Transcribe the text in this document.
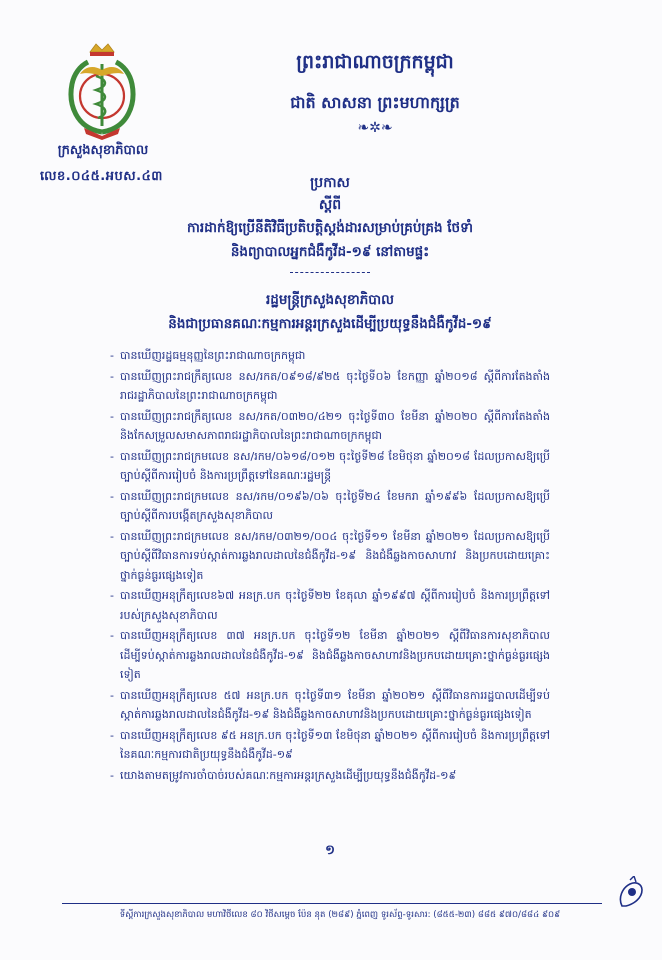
ក្រសួងសុខាភិបាល
លេខ.០៤៥.អបស.៤៣
ព្រះរាជាណាចក្រកម្ពុជា
ជាតិ សាសនា ព្រះមហាក្សត្រ
❧✲❧
ប្រកាស
ស្តីពី
ការដាក់ឱ្យប្រើនីតិវិធីប្រតិបត្តិស្តង់ដារសម្រាប់គ្រប់គ្រង ថែទាំ
និងព្យាបាលអ្នកជំងឺកូវីដ-១៩ នៅតាមផ្ទះ
រដ្ឋមន្ត្រីក្រសួងសុខាភិបាល
និងជាប្រធានគណៈកម្មការអន្តរក្រសួងដើម្បីប្រយុទ្ធនឹងជំងឺកូវីដ-១៩
- បានឃើញរដ្ឋធម្មនុញ្ញនៃព្រះរាជាណាចក្រកម្ពុជា
- បានឃើញព្រះរាជក្រឹត្យលេខ នស/រកត/០៩១៨/៩២៥ ចុះថ្ងៃទី០៦ ខែកញ្ញា ឆ្នាំ២០១៨ ស្តីពីការតែងតាំងរាជរដ្ឋាភិបាលនៃព្រះរាជាណាចក្រកម្ពុជា
- បានឃើញព្រះរាជក្រឹត្យលេខ នស/រកត/០៣២០/៤២១ ចុះថ្ងៃទី៣០ ខែមីនា ឆ្នាំ២០២០ ស្តីពីការតែងតាំង និងកែសម្រួលសមាសភាពរាជរដ្ឋាភិបាលនៃព្រះរាជាណាចក្រកម្ពុជា
- បានឃើញព្រះរាជក្រមលេខ នស/រកម/០៦១៨/០១២ ចុះថ្ងៃទី២៨ ខែមិថុនា ឆ្នាំ២០១៨ ដែលប្រកាសឱ្យប្រើច្បាប់ស្តីពីការរៀបចំ និងការប្រព្រឹត្តទៅនៃគណៈរដ្ឋមន្ត្រី
- បានឃើញព្រះរាជក្រមលេខ នស/រកម/០១៩៦/០៦ ចុះថ្ងៃទី២៤ ខែមករា ឆ្នាំ១៩៩៦ ដែលប្រកាសឱ្យប្រើច្បាប់ស្តីពីការបង្កើតក្រសួងសុខាភិបាល
- បានឃើញព្រះរាជក្រមលេខ នស/រកម/០៣២១/០០៤ ចុះថ្ងៃទី១១ ខែមីនា ឆ្នាំ២០២១ ដែលប្រកាសឱ្យប្រើច្បាប់ស្តីពីវិធានការទប់ស្កាត់ការឆ្លងរាលដាលនៃជំងឺកូវីដ-១៩ និងជំងឺឆ្លងកាចសាហាវ និងប្រកបដោយគ្រោះថ្នាក់ធ្ងន់ធ្ងរផ្សេងទៀត
- បានឃើញអនុក្រឹត្យលេខ៦៧ អនក្រ.បក ចុះថ្ងៃទី២២ ខែតុលា ឆ្នាំ១៩៩៧ ស្តីពីការរៀបចំ និងការប្រព្រឹត្តទៅរបស់ក្រសួងសុខាភិបាល
- បានឃើញអនុក្រឹត្យលេខ ៣៧ អនក្រ.បក ចុះថ្ងៃទី១២ ខែមីនា ឆ្នាំ២០២១ ស្តីពីវិធានការសុខាភិបាលដើម្បីទប់ស្កាត់ការឆ្លងរាលដាលនៃជំងឺកូវីដ-១៩ និងជំងឺឆ្លងកាចសាហាវនិងប្រកបដោយគ្រោះថ្នាក់ធ្ងន់ធ្ងរផ្សេងទៀត
- បានឃើញអនុក្រឹត្យលេខ ៥៧ អនក្រ.បក ចុះថ្ងៃទី៣១ ខែមីនា ឆ្នាំ២០២១ ស្តីពីវិធានការរដ្ឋបាលដើម្បីទប់ស្កាត់ការឆ្លងរាលដាលនៃជំងឺកូវីដ-១៩ និងជំងឺឆ្លងកាចសាហាវនិងប្រកបដោយគ្រោះថ្នាក់ធ្ងន់ធ្ងរផ្សេងទៀត
- បានឃើញអនុក្រឹត្យលេខ ៩៥ អនក្រ.បក ចុះថ្ងៃទី១៣ ខែមិថុនា ឆ្នាំ២០២១ ស្តីពីការរៀបចំ និងការប្រព្រឹត្តទៅនៃគណៈកម្មការជាតិប្រយុទ្ធនឹងជំងឺកូវីដ-១៩
- យោងតាមតម្រូវការចាំបាច់របស់គណៈកម្មការអន្តរក្រសួងដើម្បីប្រយុទ្ធនឹងជំងឺកូវីដ-១៩
១
ទីស្តីការក្រសួងសុខាភិបាល មហាវិថីលេខ ៨០ វិថីសម្តេច ប៉ែន នុត (២៨៩) ភ្នំពេញ ទូរស័ព្ទ-ទូរសារ: (៨៥៥-២៣) ៨៨៥ ៩៧០/៨៨៤ ៩០៩
